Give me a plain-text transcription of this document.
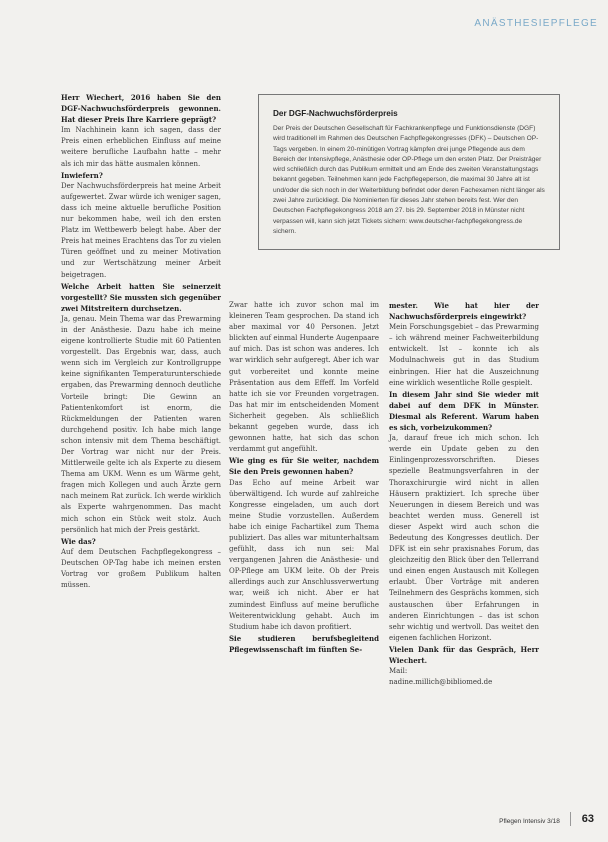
ANÄSTHESIEPFLEGE

Herr Wiechert, 2016 haben Sie den DGF-Nachwuchsförderpreis gewonnen. Hat dieser Preis Ihre Karriere geprägt?

Im Nachhinein kann ich sagen, dass der Preis einen erheblichen Einfluss auf meine weitere berufliche Laufbahn hatte – mehr als ich mir das hätte ausmalen können.

Inwiefern?

Der Nachwuchsförderpreis hat meine Arbeit aufgewertet. Zwar würde ich weniger sagen, dass ich meine aktuelle berufliche Position nur bekommen habe, weil ich den ersten Platz im Wettbewerb belegt habe. Aber der Preis hat meines Erachtens das Tor zu vielen Türen geöffnet und zu meiner Motivation und zur Wertschätzung meiner Arbeit beigetragen.

Welche Arbeit hatten Sie seinerzeit vorgestellt? Sie mussten sich gegenüber zwei Mitstreitern durchsetzen.

Ja, genau. Mein Thema war das Prewarming in der Anästhesie. Dazu habe ich meine eigene kontrollierte Studie mit 60 Patienten vorgestellt. Das Ergebnis war, dass, auch wenn sich im Vergleich zur Kontrollgruppe keine signifikanten Temperaturunterschiede ergaben, das Prewarming dennoch deutliche Vorteile bringt: Die Gewinn an Patientenkomfort ist enorm, die Rückmeldungen der Patienten waren durchgehend positiv. Ich habe mich lange schon intensiv mit dem Thema beschäftigt. Der Vortrag war nicht nur der Preis. Mittlerweile gelte ich als Experte zu diesem Thema am UKM. Wenn es um Wärme geht, fragen mich Kollegen und auch Ärzte gern nach meinem Rat zurück. Ich werde wirklich als Experte wahrgenommen. Das macht mich schon ein Stück weit stolz. Auch persönlich hat mich der Preis gestärkt.

Wie das?

Auf dem Deutschen Fachpflegekongress – Deutschen OP-Tag habe ich meinen ersten Vortrag vor großem Publikum halten müssen.

Der DGF-Nachwuchsförderpreis
Der Preis der Deutschen Gesellschaft für Fachkrankenpflege und Funktionsdienste (DGF) wird traditionell im Rahmen des Deutschen Fachpflegekongresses (DFK) – Deutschen OP-Tags vergeben. In einem 20-minütigen Vortrag kämpfen drei junge Pflegende aus dem Bereich der Intensivpflege, Anästhesie oder OP-Pflege um den ersten Platz. Der Preisträger wird schließlich durch das Publikum ermittelt und am Ende des zweiten Veranstaltungstags bekannt gegeben. Teilnehmen kann jede Fachpflegeperson, die maximal 30 Jahre alt ist und/oder die sich noch in der Weiterbildung befindet oder deren Fachexamen nicht länger als zwei Jahre zurückliegt. Die Nominierten für dieses Jahr stehen bereits fest. Wer den Deutschen Fachpflegekongress 2018 am 27. bis 29. September 2018 in Münster nicht verpassen will, kann sich jetzt Tickets sichern: www.deutscher-fachpflegekongress.de sichern.

Zwar hatte ich zuvor schon mal im kleineren Team gesprochen. Da stand ich aber maximal vor 40 Personen. Jetzt blickten auf einmal Hunderte Augenpaare auf mich. Das ist schon was anderes. Ich war wirklich sehr aufgeregt. Aber ich war gut vorbereitet und konnte meine Präsentation aus dem Effeff. Im Vorfeld hatte ich sie vor Freunden vorgetragen. Das hat mir im entscheidenden Moment Sicherheit gegeben. Als schließlich bekannt gegeben wurde, dass ich gewonnen hatte, hat sich das schon verdammt gut angefühlt.

Wie ging es für Sie weiter, nachdem Sie den Preis gewonnen haben?

Das Echo auf meine Arbeit war überwältigend. Ich wurde auf zahlreiche Kongresse eingeladen, um auch dort meine Studie vorzustellen. Außerdem habe ich einige Fachartikel zum Thema publiziert. Das alles war mitunterhaltsam gefühlt, dass ich nun sei: Mal vergangenen Jahren die Anästhesie- und OP-Pflege am UKM leite. Ob der Preis allerdings auch zur Anschlussverwertung war, weiß ich nicht. Aber er hat zumindest Einfluss auf meine berufliche Weiterentwicklung gehabt. Auch im Studium habe ich davon profitiert.

Sie studieren berufsbegleitend Pflegewissenschaft im fünften Se-

mester. Wie hat hier der Nachwuchsförderpreis eingewirkt?

Mein Forschungsgebiet – das Prewarming – ich während meiner Fachweiterbildung entwickelt. Ist – konnte ich als Modulnachweis gut in das Studium einbringen. Hier hat die Auszeichnung eine wirklich wesentliche Rolle gespielt.

In diesem Jahr sind Sie wieder mit dabei auf dem DFK in Münster. Diesmal als Referent. Warum haben es sich, vorbeizukommen?

Ja, darauf freue ich mich schon. Ich werde ein Update geben zu den Einlingenprozessvorschriften. Dieses spezielle Beatmungsverfahren in der Thoraxchirurgie wird nicht in allen Häusern praktiziert. Ich spreche über Neuerungen in diesem Bereich und was beachtet werden muss. Generell ist dieser Aspekt wird auch schon die Bedeutung des Kongresses deutlich. Der DFK ist ein sehr praxisnahes Forum, das gleichzeitig den Blick über den Tellerrand und einen engen Austausch mit Kollegen erlaubt. Über Vorträge mit anderen Teilnehmern des Gesprächs kommen, sich austauschen über Erfahrungen in anderen Einrichtungen – das ist schon sehr wichtig und wertvoll. Das weitet den eigenen fachlichen Horizont.

Vielen Dank für das Gespräch, Herr Wiechert.

Mail:

nadine.millich@bibliomed.de

Pflegen Intensiv 3/18 63
